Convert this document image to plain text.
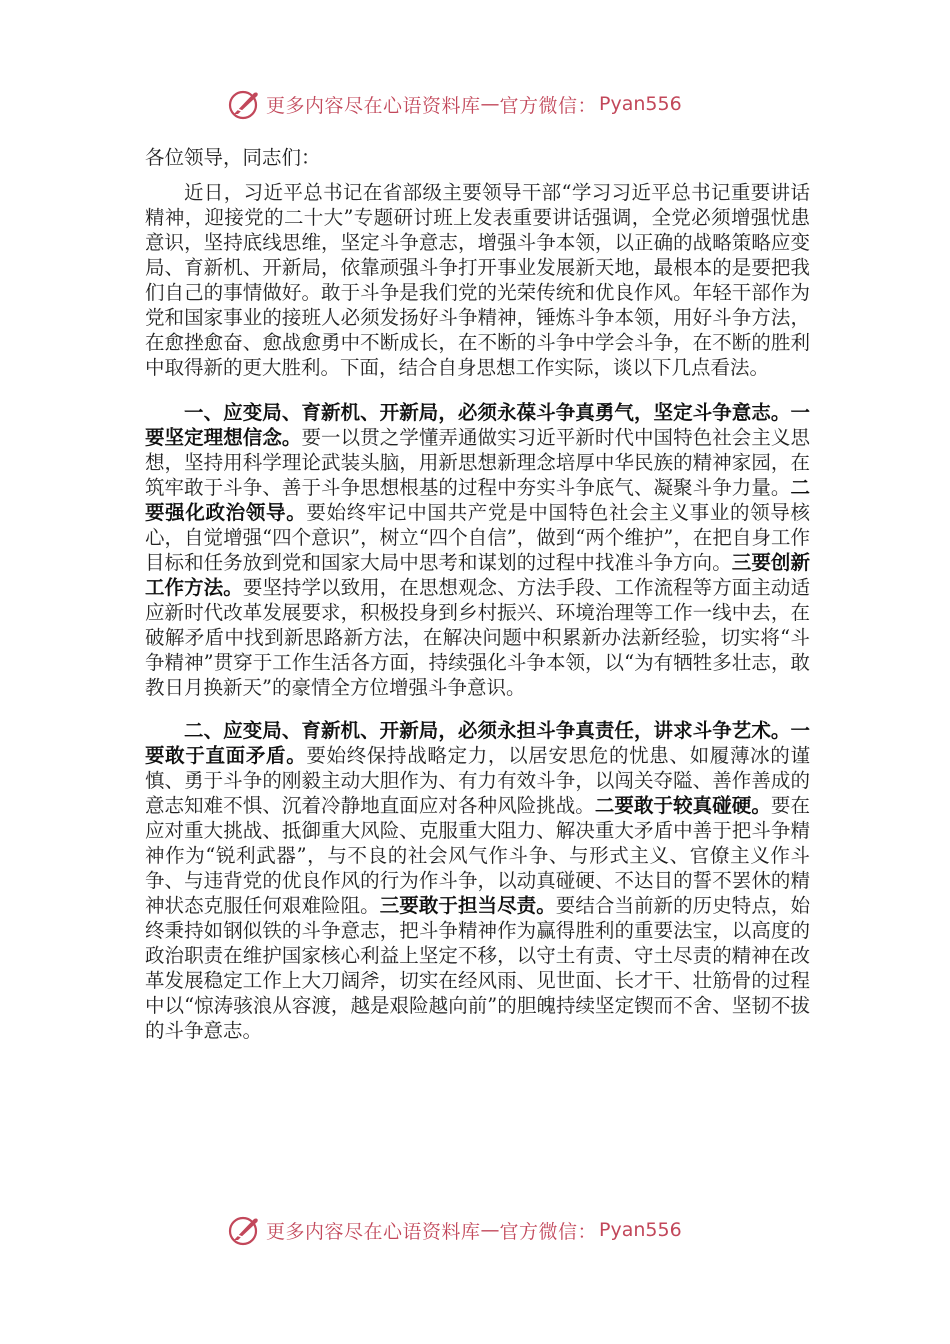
更多内容尽在心语资料库 — 官方微信： Pyan556

各位领导，同志们：

近日，习近平总书记在省部级主要领导干部“学习习近平总书记重要讲话精神，迎接党的二十大”专题研讨班上发表重要讲话强调，全党必须增强忧患意识，坚持底线思维，坚定斗争意志，增强斗争本领，以正确的战略策略应变局、育新机、开新局，依靠顽强斗争打开事业发展新天地，最根本的是要把我们自己的事情做好。敢于斗争是我们党的光荣传统和优良作风。年轻干部作为党和国家事业的接班人必须发扬好斗争精神，锤炼斗争本领，用好斗争方法，在愈挫愈奋、愈战愈勇中不断成长，在不断的斗争中学会斗争，在不断的胜利中取得新的更大胜利。下面，结合自身思想工作实际，谈以下几点看法。

一、应变局、育新机、开新局，必须永葆斗争真勇气，坚定斗争意志。一要坚定理想信念。要一以贯之学懂弄通做实习近平新时代中国特色社会主义思想，坚持用科学理论武装头脑，用新思想新理念培厚中华民族的精神家园，在筑牢敢于斗争、善于斗争思想根基的过程中夯实斗争底气、凝聚斗争力量。二要强化政治领导。要始终牢记中国共产党是中国特色社会主义事业的领导核心，自觉增强“四个意识”，树立“四个自信”，做到“两个维护”，在把自身工作目标和任务放到党和国家大局中思考和谋划的过程中找准斗争方向。三要创新工作方法。要坚持学以致用，在思想观念、方法手段、工作流程等方面主动适应新时代改革发展要求，积极投身到乡村振兴、环境治理等工作一线中去，在破解矛盾中找到新思路新方法，在解决问题中积累新办法新经验，切实将“斗争精神”贯穿于工作生活各方面，持续强化斗争本领，以“为有牺牲多壮志，敢教日月换新天”的豪情全方位增强斗争意识。

二、应变局、育新机、开新局，必须永担斗争真责任，讲求斗争艺术。一要敢于直面矛盾。要始终保持战略定力，以居安思危的忧患、如履薄冰的谨慎、勇于斗争的刚毅主动大胆作为、有力有效斗争，以闯关夺隘、善作善成的意志知难不惧、沉着冷静地直面应对各种风险挑战。二要敢于较真碰硬。要在应对重大挑战、抵御重大风险、克服重大阻力、解决重大矛盾中善于把斗争精神作为“锐利武器”，与不良的社会风气作斗争、与形式主义、官僚主义作斗争、与违背党的优良作风的行为作斗争，以动真碰硬、不达目的誓不罢休的精神状态克服任何艰难险阻。三要敢于担当尽责。要结合当前新的历史特点，始终秉持如钢似铁的斗争意志，把斗争精神作为赢得胜利的重要法宝，以高度的政治职责在维护国家核心利益上坚定不移，以守土有责、守土尽责的精神在改革发展稳定工作上大刀阔斧，切实在经风雨、见世面、长才干、壮筋骨的过程中以“惊涛骇浪从容渡，越是艰险越向前”的胆魄持续坚定锲而不舍、坚韧不拔的斗争意志。

更多内容尽在心语资料库 — 官方微信： Pyan556
